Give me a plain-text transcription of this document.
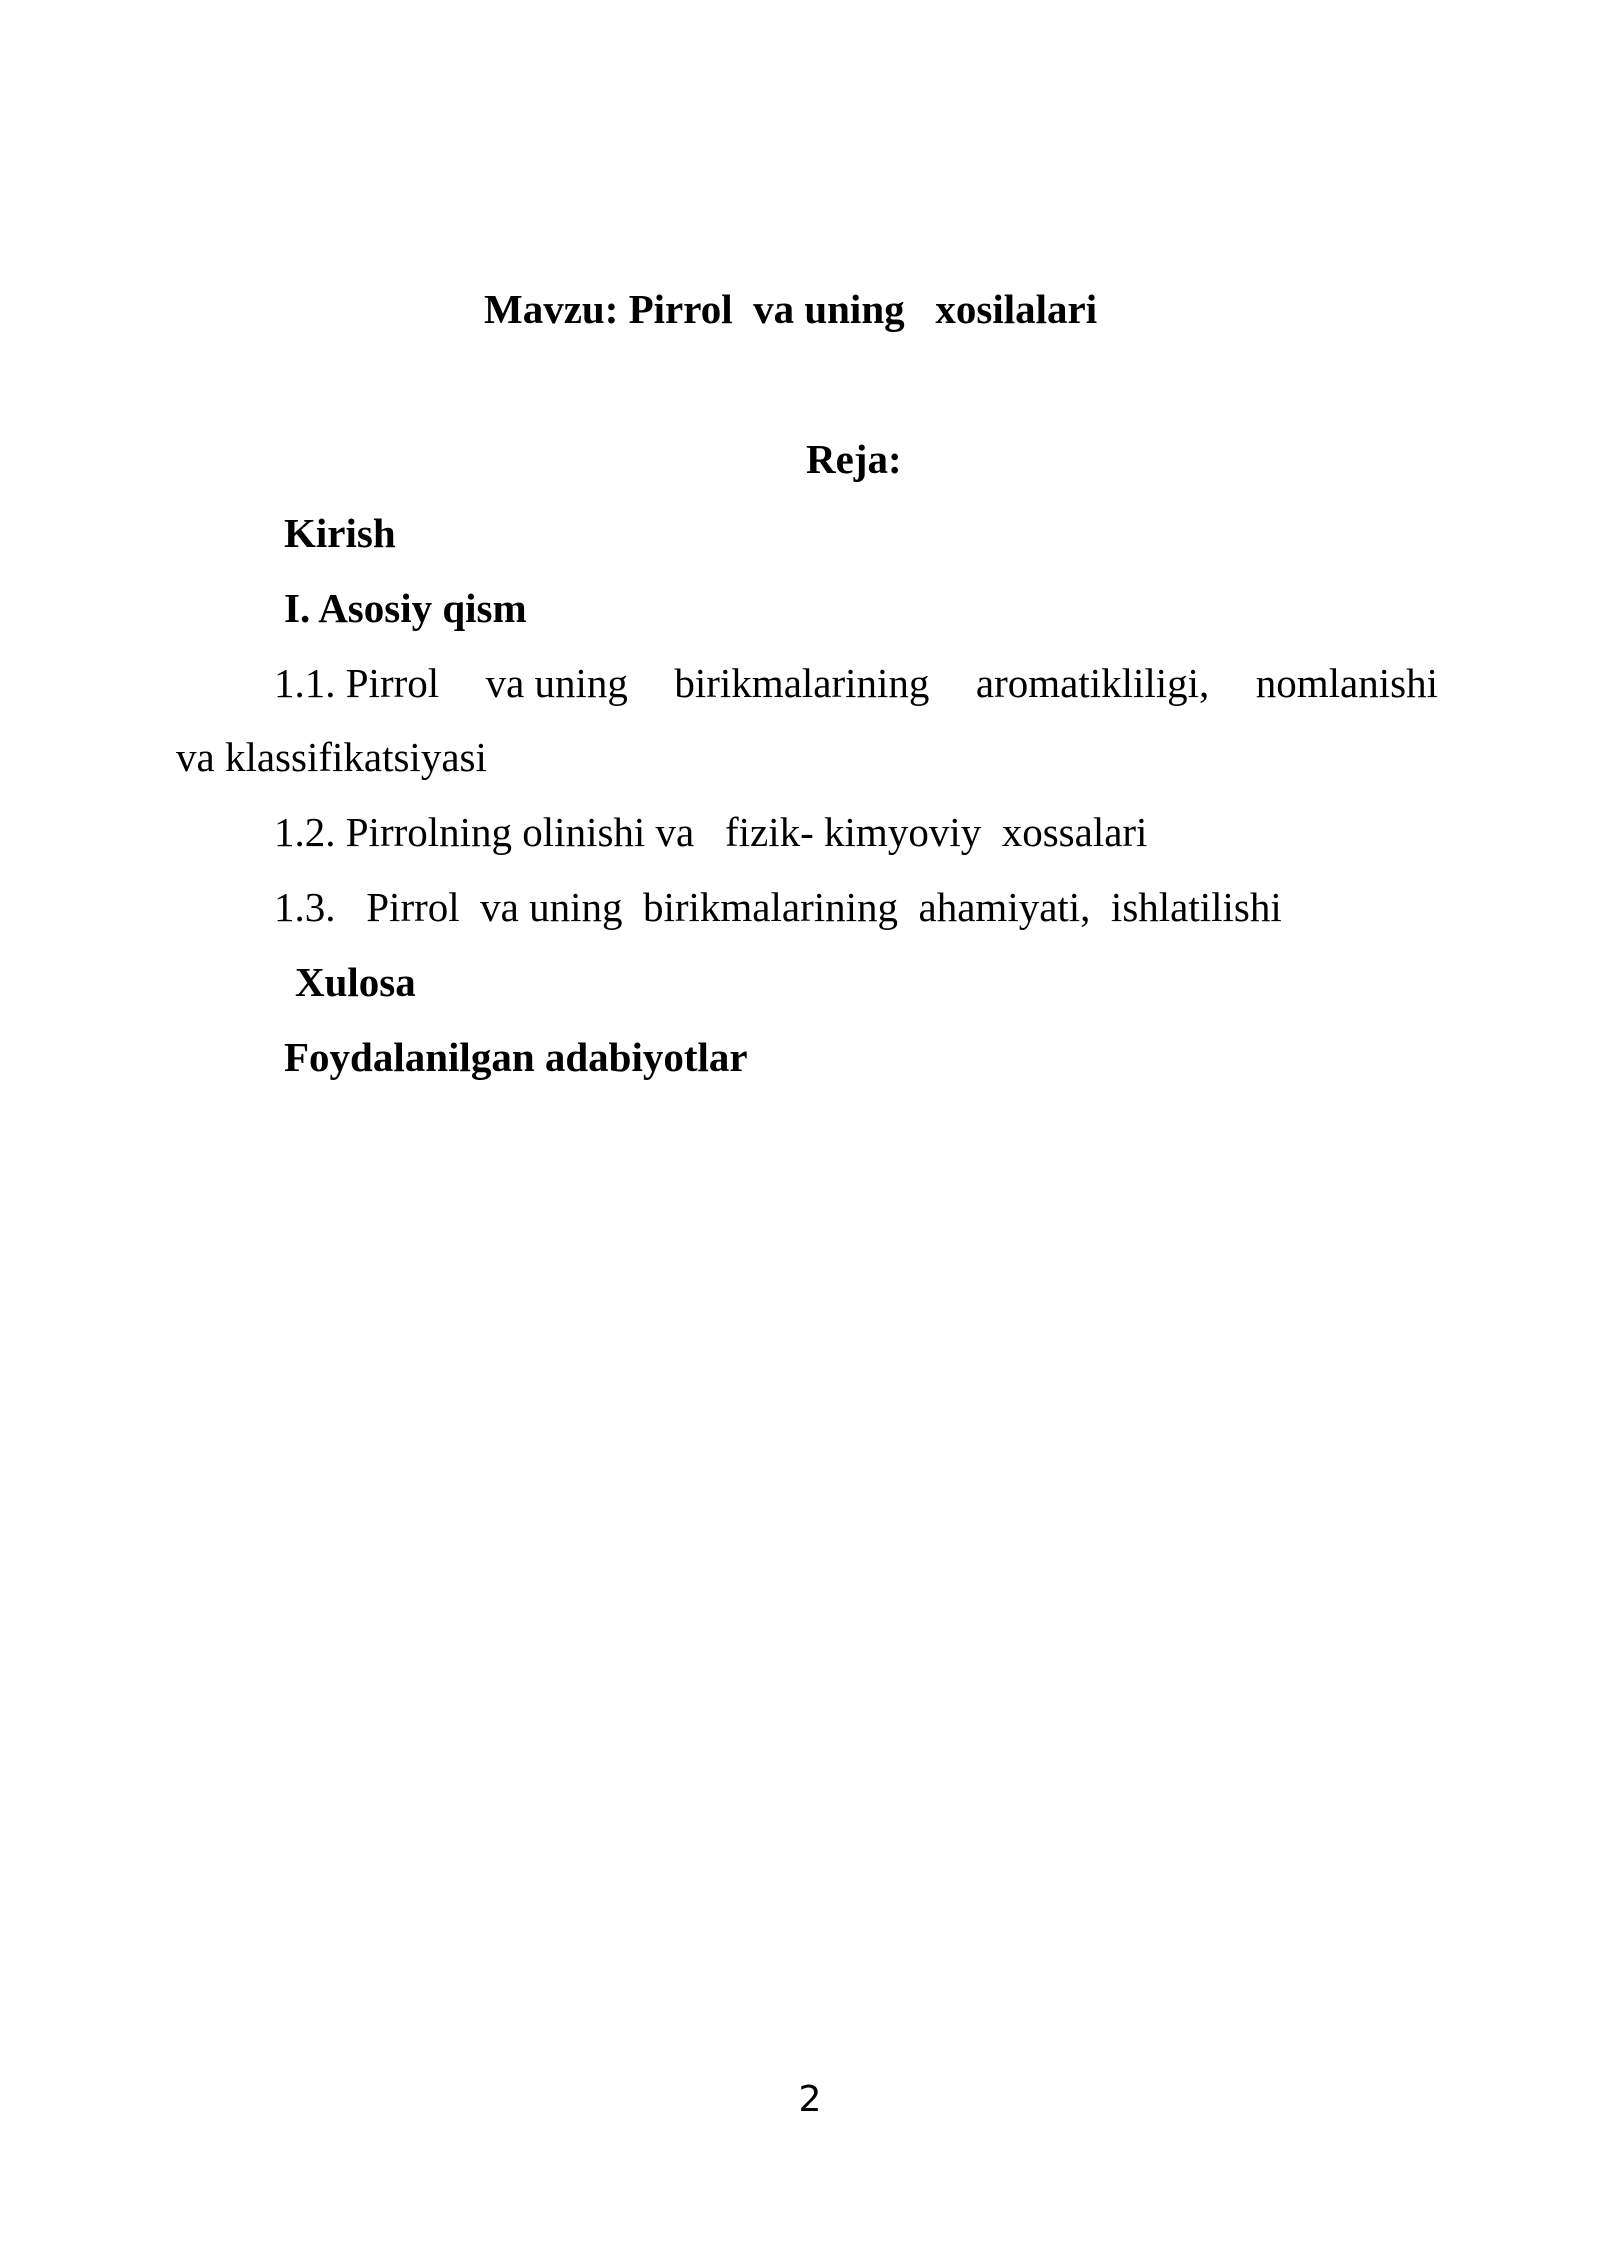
Mavzu: Pirrol  va uning   xosilalari
Reja:
Kirish
I. Asosiy qism
1.1. Pirrol va uning birikmalarining aromatikliligi, nomlanishi
va klassifikatsiyasi
1.2. Pirrolning olinishi va   fizik- kimyoviy  xossalari
1.3.   Pirrol  va uning  birikmalarining  ahamiyati,  ishlatilishi
Xulosa
Foydalanilgan adabiyotlar
2
